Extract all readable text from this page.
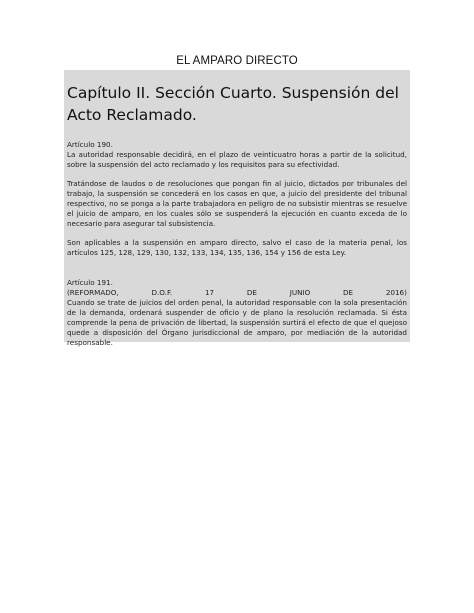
EL AMPARO DIRECTO
Capítulo II. Sección Cuarto. Suspensión del Acto Reclamado.

Artículo 190.

La autoridad responsable decidirá, en el plazo de veinticuatro horas a partir de la solicitud, sobre la suspensión del acto reclamado y los requisitos para su efectividad.

Tratándose de laudos o de resoluciones que pongan fin al juicio, dictados por tribunales del trabajo, la suspensión se concederá en los casos en que, a juicio del presidente del tribunal respectivo, no se ponga a la parte trabajadora en peligro de no subsistir mientras se resuelve el juicio de amparo, en los cuales sólo se suspenderá la ejecución en cuanto exceda de lo necesario para asegurar tal subsistencia.

Son aplicables a la suspensión en amparo directo, salvo el caso de la materia penal, los artículos 125, 128, 129, 130, 132, 133, 134, 135, 136, 154 y 156 de esta Ley.

Artículo 191.

(REFORMADO,	D.O.F.	17	DE	JUNIO	DE	2016)

Cuando se trate de juicios del orden penal, la autoridad responsable con la sola presentación de la demanda, ordenará suspender de oficio y de plano la resolución reclamada. Si ésta comprende la pena de privación de libertad, la suspensión surtirá el efecto de que el quejoso quede a disposición del Órgano jurisdiccional de amparo, por mediación de la autoridad responsable.
